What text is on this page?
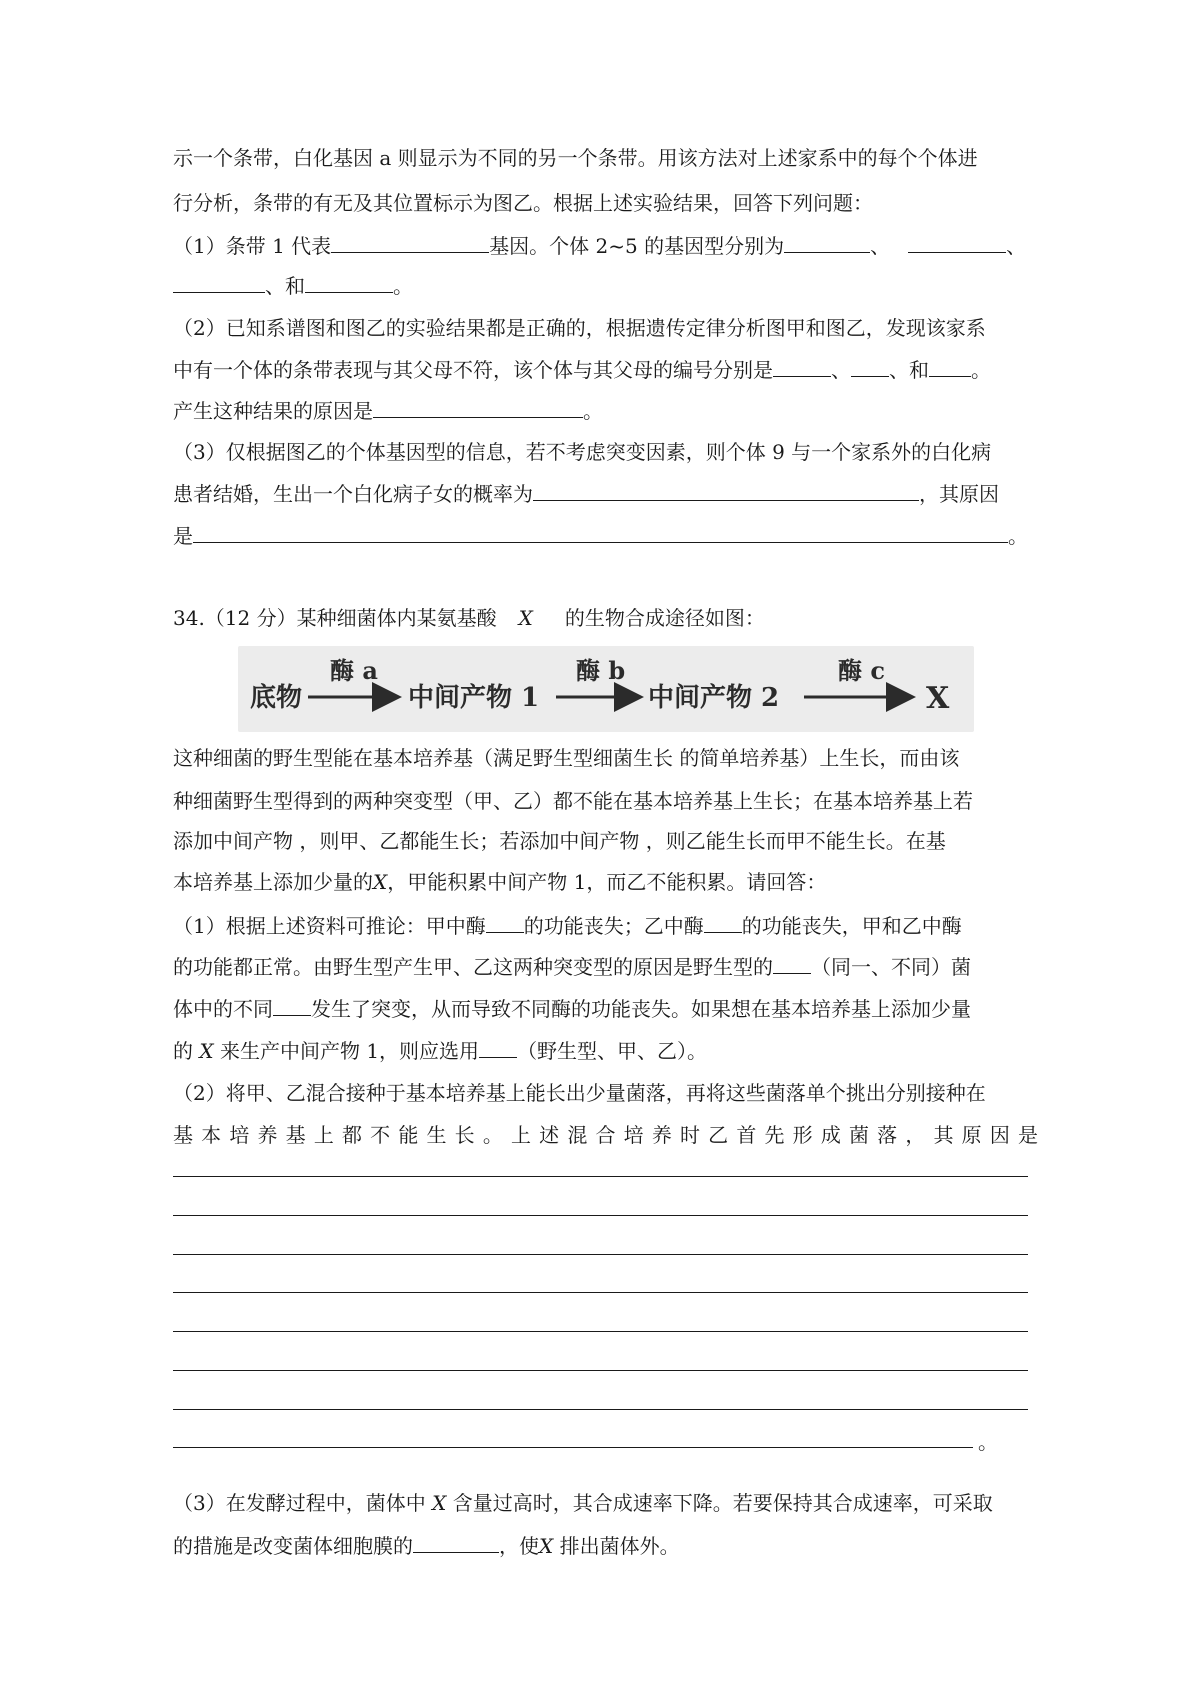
示一个条带，白化基因 a 则显示为不同的另一个条带。用该方法对上述家系中的每个个体进
行分析，条带的有无及其位置标示为图乙。根据上述实验结果，回答下列问题：
（1）条带 1 代表	基因。个体 2~5 的基因型分别为	、	、
、和	。
（2）已知系谱图和图乙的实验结果都是正确的，根据遗传定律分析图甲和图乙，发现该家系
中有一个体的条带表现与其父母不符，该个体与其父母的编号分别是	、 、和 。
产生这种结果的原因是	。
（3）仅根据图乙的个体基因型的信息，若不考虑突变因素，则个体 9 与一个家系外的白化病
患者结婚，生出一个白化病子女的概率为	，其原因
是	。
34.（12 分）某种细菌体内某氨基酸 X 的生物合成途径如图：
底物
酶 a
中间产物 1
酶 b
中间产物 2
酶 c
X
这种细菌的野生型能在基本培养基（满足野生型细菌生长 的简单培养基）上生长，而由该
种细菌野生型得到的两种突变型（甲、乙）都不能在基本培养基上生长；在基本培养基上若
添加中间产物 ，则甲、乙都能生长；若添加中间产物 ，则乙能生长而甲不能生长。在基
本培养基上添加少量的X，甲能积累中间产物 1，而乙不能积累。请回答：
（1）根据上述资料可推论：甲中酶 的功能丧失；乙中酶 的功能丧失，甲和乙中酶
的功能都正常。由野生型产生甲、乙这两种突变型的原因是野生型的 （同一、不同）菌
体中的不同 发生了突变，从而导致不同酶的功能丧失。如果想在基本培养基上添加少量
的 X 来生产中间产物 1，则应选用 （野生型、甲、乙）。
（2）将甲、乙混合接种于基本培养基上能长出少量菌落，再将这些菌落单个挑出分别接种在
基本培养基上都不能生长。上述混合培养时乙首先形成菌落，其原因是
。
（3）在发酵过程中，菌体中 X 含量过高时，其合成速率下降。若要保持其合成速率，可采取
的措施是改变菌体细胞膜的	，使X 排出菌体外。
